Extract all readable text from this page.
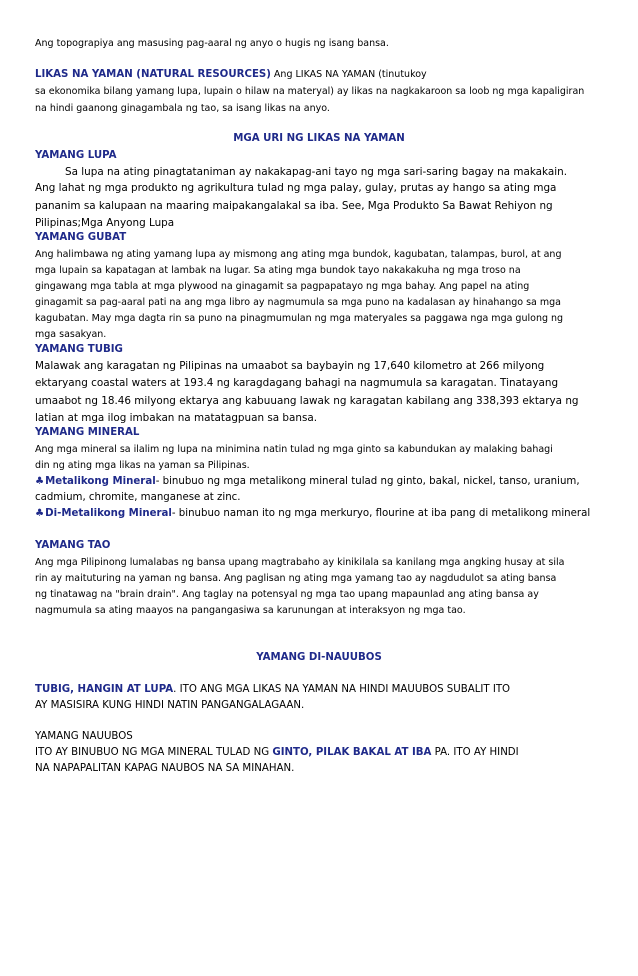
Ang topograpiya ang masusing pag-aaral ng anyo o hugis ng isang bansa.
LIKAS NA YAMAN (NATURAL RESOURCES) Ang LIKAS NA YAMAN (tinutukoy
sa ekonomika bilang yamang lupa, lupain o hilaw na materyal) ay likas na nagkakaroon sa loob ng mga kapaligiran
na hindi gaanong ginagambala ng tao, sa isang likas na anyo.
MGA URI NG LIKAS NA YAMAN
YAMANG LUPA
Sa lupa na ating pinagtataniman ay nakakapag-ani tayo ng mga sari-saring bagay na makakain.
Ang lahat ng mga produkto ng agrikultura tulad ng mga palay, gulay, prutas ay hango sa ating mga
pananim sa kalupaan na maaring maipakangalakal sa iba. See, Mga Produkto Sa Bawat Rehiyon ng
Pilipinas;Mga Anyong Lupa
YAMANG GUBAT
Ang halimbawa ng ating yamang lupa ay mismong ang ating mga bundok, kagubatan, talampas, burol, at ang
mga lupain sa kapatagan at lambak na lugar. Sa ating mga bundok tayo nakakakuha ng mga troso na
gingawang mga tabla at mga plywood na ginagamit sa pagpapatayo ng mga bahay. Ang papel na ating
ginagamit sa pag-aaral pati na ang mga libro ay nagmumula sa mga puno na kadalasan ay hinahango sa mga
kagubatan. May mga dagta rin sa puno na pinagmumulan ng mga materyales sa paggawa nga mga gulong ng
mga sasakyan.
YAMANG TUBIG
Malawak ang karagatan ng Pilipinas na umaabot sa baybayin ng 17,640 kilometro at 266 milyong
ektaryang coastal waters at 193.4 ng karagdagang bahagi na nagmumula sa karagatan. Tinatayang
umaabot ng 18.46 milyong ektarya ang kabuuang lawak ng karagatan kabilang ang 338,393 ektarya ng
latian at mga ilog imbakan na matatagpuan sa bansa.
YAMANG MINERAL
Ang mga mineral sa ilalim ng lupa na minimina natin tulad ng mga ginto sa kabundukan ay malaking bahagi
din ng ating mga likas na yaman sa Pilipinas.
♣Metalikong Mineral- binubuo ng mga metalikong mineral tulad ng ginto, bakal, nickel, tanso, uranium,
cadmium, chromite, manganese at zinc.
♣Di-Metalikong Mineral- binubuo naman ito ng mga merkuryo, flourine at iba pang di metalikong mineral
YAMANG TAO
Ang mga Pilipinong lumalabas ng bansa upang magtrabaho ay kinikilala sa kanilang mga angking husay at sila
rin ay maituturing na yaman ng bansa. Ang paglisan ng ating mga yamang tao ay nagdudulot sa ating bansa
ng tinatawag na "brain drain". Ang taglay na potensyal ng mga tao upang mapaunlad ang ating bansa ay
nagmumula sa ating maayos na pangangasiwa sa karunungan at interaksyon ng mga tao.
YAMANG DI-NAUUBOS
TUBIG, HANGIN AT LUPA. ITO ANG MGA LIKAS NA YAMAN NA HINDI MAUUBOS SUBALIT ITO
AY MASISIRA KUNG HINDI NATIN PANGANGALAGAAN.
YAMANG NAUUBOS
ITO AY BINUBUO NG MGA MINERAL TULAD NG GINTO, PILAK BAKAL AT IBA PA. ITO AY HINDI
NA NAPAPALITAN KAPAG NAUBOS NA SA MINAHAN.
